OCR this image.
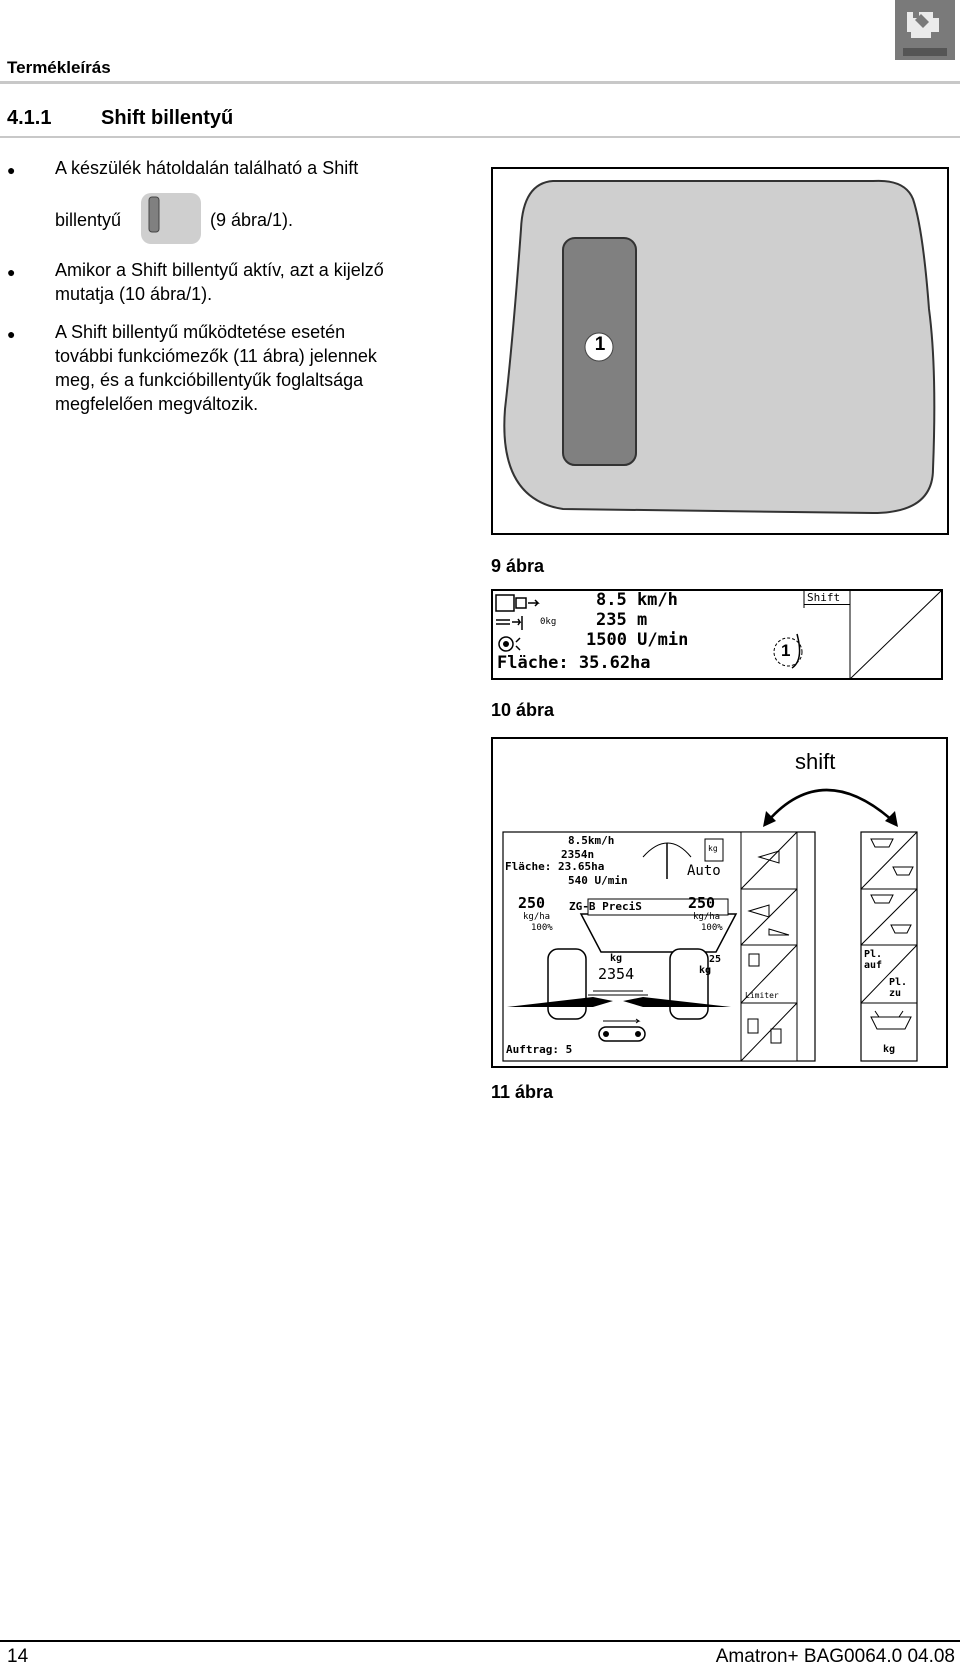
Termékleírás
4.1.1 Shift billentyű
● A készülék hátoldalán található a Shift
billentyű	(9 ábra/1).
● Amikor a Shift billentyű aktív, azt a kijelző
mutatja (10 ábra/1).
● A Shift billentyű működtetése esetén
további funkciómezők (11 ábra) jelennek
meg, és a funkcióbillentyűk foglaltsága
megfelelően megváltozik.
1
9 ábra
8.5 km/h
235 m
1500 U/min
Fläche: 35.62ha
0kg
Shift
1
10 ábra
shift
8.5km/h
2354n
Fläche: 23.65ha
540 U/min
Auto
kg
250
kg/ha
100%
250
kg/ha
100%
ZG-B PreciS
kg
2354
25
kg
Limiter
Auftrag: 5
Pl. auf
Pl. zu
kg
11 ábra
14	Amatron+ BAG0064.0 04.08
